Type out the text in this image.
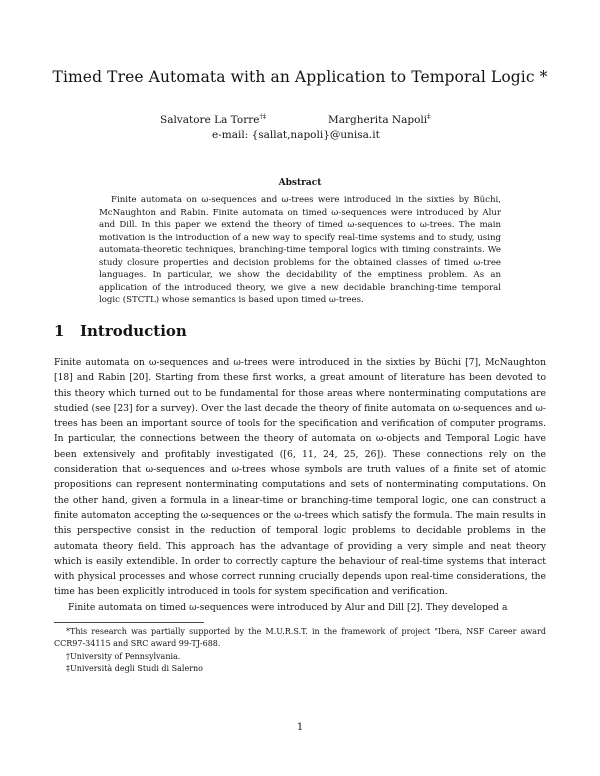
Timed Tree Automata with an Application to Temporal Logic *
Salvatore La Torre†‡	Margherita Napoli‡
e-mail: {sallat,napoli}@unisa.it
Abstract
Finite automata on ω-sequences and ω-trees were introduced in the sixties by Büchi, McNaughton and Rabin. Finite automata on timed ω-sequences were introduced by Alur and Dill. In this paper we extend the theory of timed ω-sequences to ω-trees. The main motivation is the introduction of a new way to specify real-time systems and to study, using automata-theoretic techniques, branching-time temporal logics with timing constraints. We study closure properties and decision problems for the obtained classes of timed ω-tree languages. In particular, we show the decidability of the emptiness problem. As an application of the introduced theory, we give a new decidable branching-time temporal logic (STCTL) whose semantics is based upon timed ω-trees.
1 Introduction
Finite automata on ω-sequences and ω-trees were introduced in the sixties by Büchi [7], McNaughton [18] and Rabin [20]. Starting from these first works, a great amount of literature has been devoted to this theory which turned out to be fundamental for those areas where nonterminating computations are studied (see [23] for a survey). Over the last decade the theory of finite automata on ω-sequences and ω-trees has been an important source of tools for the specification and verification of computer programs. In particular, the connections between the theory of automata on ω-objects and Temporal Logic have been extensively and profitably investigated ([6, 11, 24, 25, 26]). These connections rely on the consideration that ω-sequences and ω-trees whose symbols are truth values of a finite set of atomic propositions can represent nonterminating computations and sets of nonterminating computations. On the other hand, given a formula in a linear-time or branching-time temporal logic, one can construct a finite automaton accepting the ω-sequences or the ω-trees which satisfy the formula. The main results in this perspective consist in the reduction of temporal logic problems to decidable problems in the automata theory field. This approach has the advantage of providing a very simple and neat theory which is easily extendible. In order to correctly capture the behaviour of real-time systems that interact with physical processes and whose correct running crucially depends upon real-time considerations, the time has been explicitly introduced in tools for system specification and verification.
Finite automata on timed ω-sequences were introduced by Alur and Dill [2]. They developed a

*This research was partially supported by the M.U.R.S.T. in the framework of project "Ibera, NSF Career award CCR97-34115 and SRC award 99-TJ-688.

†University of Pennsylvania.

‡Università degli Studi di Salerno

1
